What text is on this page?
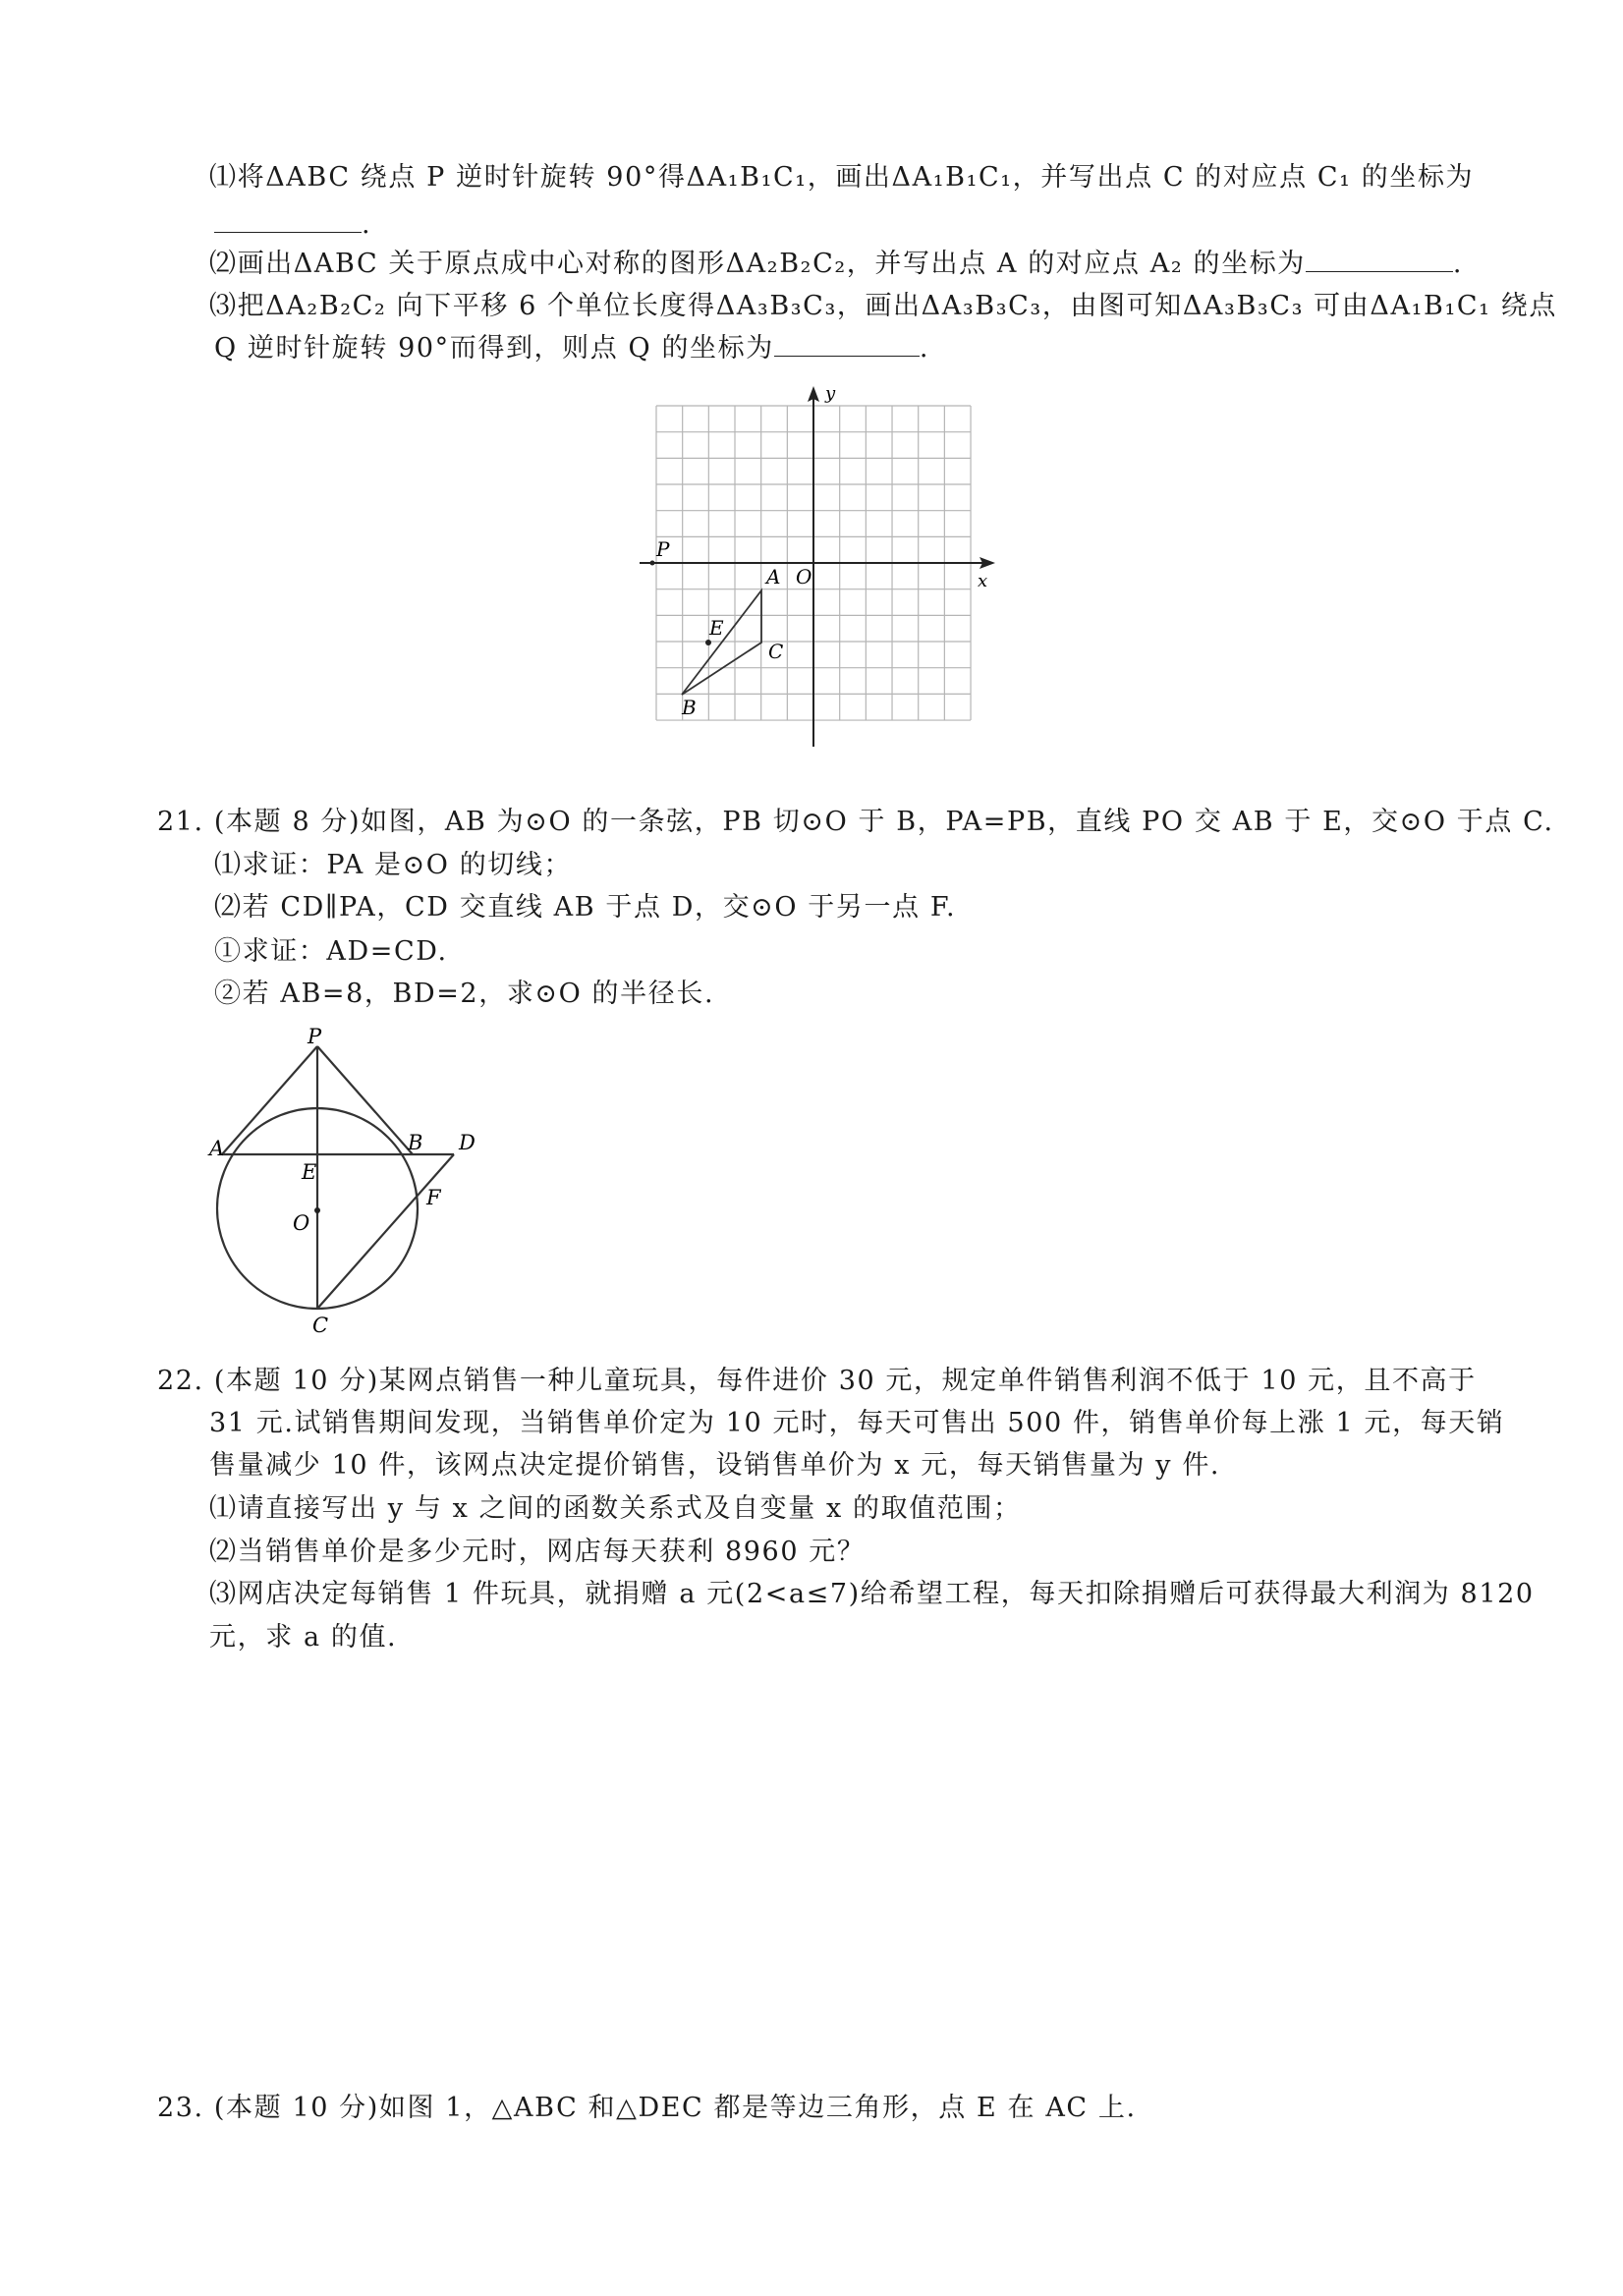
⑴将ΔABC 绕点 P 逆时针旋转 90°得ΔA₁B₁C₁，画出ΔA₁B₁C₁，并写出点 C 的对应点 C₁ 的坐标为
.
⑵画出ΔABC 关于原点成中心对称的图形ΔA₂B₂C₂，并写出点 A 的对应点 A₂ 的坐标为	.
⑶把ΔA₂B₂C₂ 向下平移 6 个单位长度得ΔA₃B₃C₃，画出ΔA₃B₃C₃，由图可知ΔA₃B₃C₃ 可由ΔA₁B₁C₁ 绕点
Q 逆时针旋转 90°而得到，则点 Q 的坐标为	.
y
x
O
P
A
E
C
B
21. (本题 8 分)如图，AB 为⊙O 的一条弦，PB 切⊙O 于 B，PA=PB，直线 PO 交 AB 于 E，交⊙O 于点 C.
⑴求证：PA 是⊙O 的切线；
⑵若 CD∥PA，CD 交直线 AB 于点 D，交⊙O 于另一点 F.
①求证：AD=CD.
②若 AB=8，BD=2，求⊙O 的半径长.
P
A	B D
E
O
F
C
22. (本题 10 分)某网点销售一种儿童玩具，每件进价 30 元，规定单件销售利润不低于 10 元，且不高于
31 元.试销售期间发现，当销售单价定为 10 元时，每天可售出 500 件，销售单价每上涨 1 元，每天销
售量减少 10 件，该网点决定提价销售，设销售单价为 x 元，每天销售量为 y 件.
⑴请直接写出 y 与 x 之间的函数关系式及自变量 x 的取值范围；
⑵当销售单价是多少元时，网店每天获利 8960 元？
⑶网店决定每销售 1 件玩具，就捐赠 a 元(2<a≤7)给希望工程，每天扣除捐赠后可获得最大利润为 8120
元，求 a 的值.
23. (本题 10 分)如图 1，△ABC 和△DEC 都是等边三角形，点 E 在 AC 上.
